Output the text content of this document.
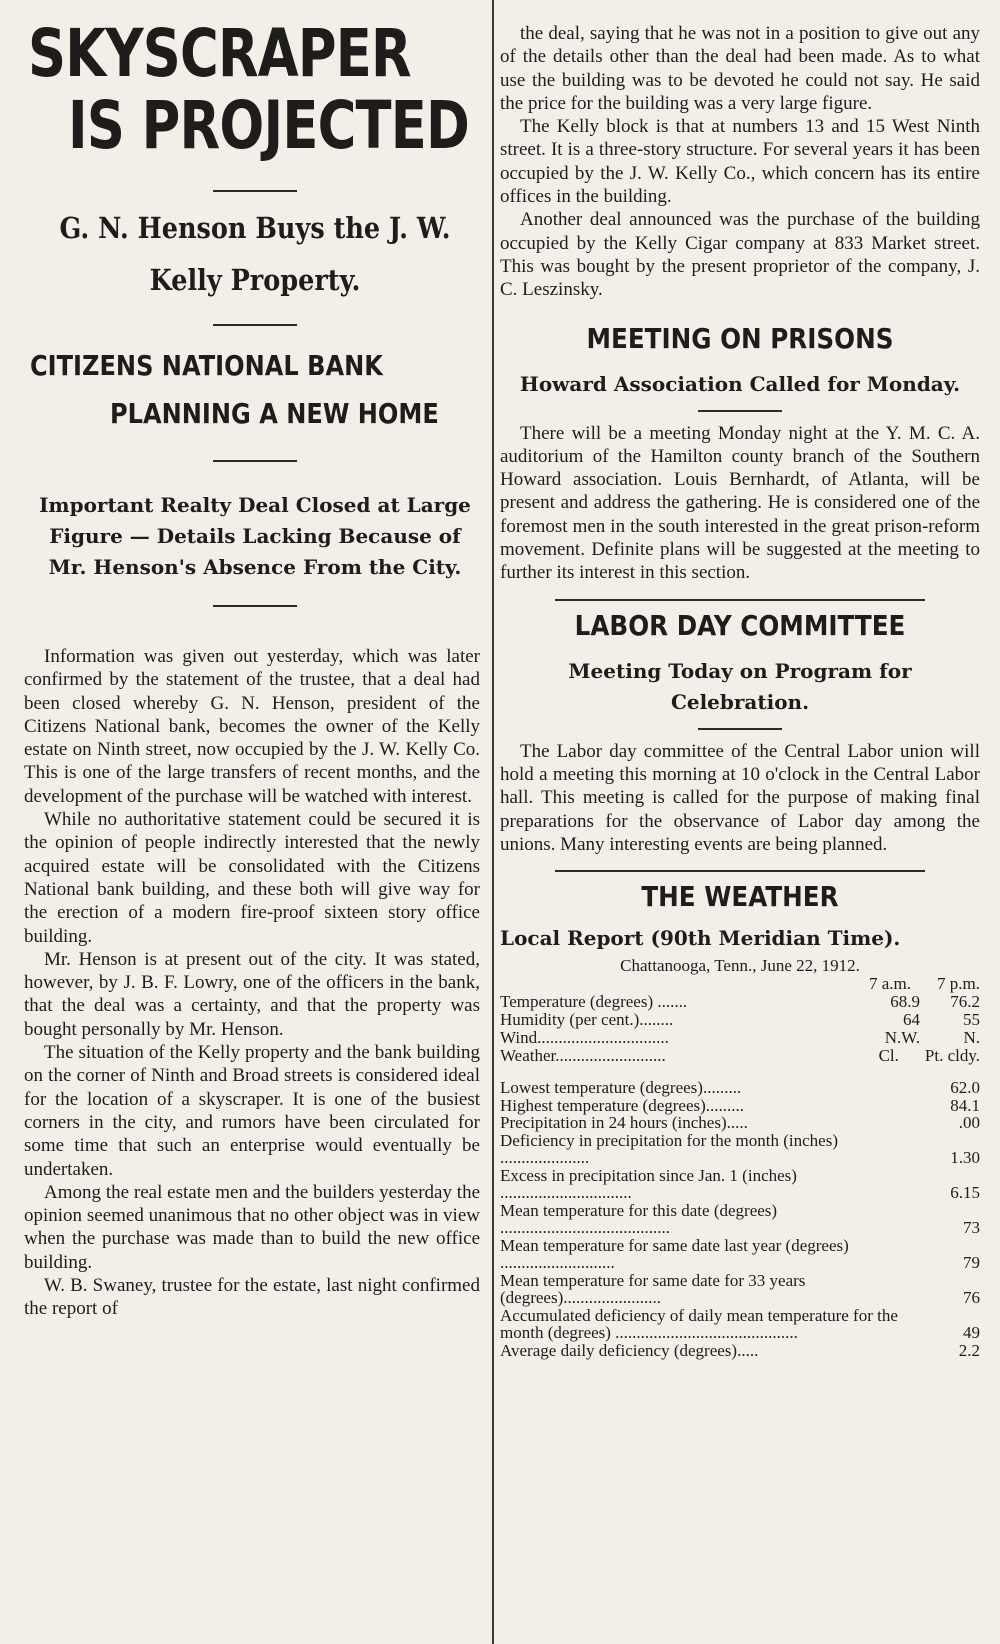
SKYSCRAPER
IS PROJECTED
G. N. Henson Buys the J. W.
Kelly Property.
CITIZENS NATIONAL BANK
PLANNING A NEW HOME
Important Realty Deal Closed at Large Figure — Details Lacking Because of Mr. Henson's Absence From the City.

Information was given out yesterday, which was later confirmed by the statement of the trustee, that a deal had been closed whereby G. N. Henson, president of the Citizens National bank, becomes the owner of the Kelly estate on Ninth street, now occupied by the J. W. Kelly Co. This is one of the large transfers of recent months, and the development of the purchase will be watched with interest.

While no authoritative statement could be secured it is the opinion of people indirectly interested that the newly acquired estate will be consolidated with the Citizens National bank building, and these both will give way for the erection of a modern fire-proof sixteen story office building.

Mr. Henson is at present out of the city. It was stated, however, by J. B. F. Lowry, one of the officers in the bank, that the deal was a certainty, and that the property was bought personally by Mr. Henson.

The situation of the Kelly property and the bank building on the corner of Ninth and Broad streets is considered ideal for the location of a skyscraper. It is one of the busiest corners in the city, and rumors have been circulated for some time that such an enterprise would eventually be undertaken.

Among the real estate men and the builders yesterday the opinion seemed unanimous that no other object was in view when the purchase was made than to build the new office building.

W. B. Swaney, trustee for the estate, last night confirmed the report of

the deal, saying that he was not in a position to give out any of the details other than the deal had been made. As to what use the building was to be devoted he could not say. He said the price for the building was a very large figure.

The Kelly block is that at numbers 13 and 15 West Ninth street. It is a three-story structure. For several years it has been occupied by the J. W. Kelly Co., which concern has its entire offices in the building.

Another deal announced was the purchase of the building occupied by the Kelly Cigar company at 833 Market street. This was bought by the present proprietor of the company, J. C. Leszinsky.

MEETING ON PRISONS
Howard Association Called for Monday.

There will be a meeting Monday night at the Y. M. C. A. auditorium of the Hamilton county branch of the Southern Howard association. Louis Bernhardt, of Atlanta, will be present and address the gathering. He is considered one of the foremost men in the south interested in the great prison-reform movement. Definite plans will be suggested at the meeting to further its interest in this section.

LABOR DAY COMMITTEE
Meeting Today on Program for Celebration.

The Labor day committee of the Central Labor union will hold a meeting this morning at 10 o'clock in the Central Labor hall. This meeting is called for the purpose of making final preparations for the observance of Labor day among the unions. Many interesting events are being planned.

THE WEATHER
Local Report (90th Meridian Time).
Chattanooga, Tenn., June 22, 1912.
7 a.m. 7 p.m.
Temperature (degrees) .......	68.9 76.2
Humidity (per cent.)........	64	55
Wind...............................	N.W.	N.
Weather..........................	Cl. Pt. cldy.
Lowest temperature (degrees).........	62.0
Highest temperature (degrees).........	84.1
Precipitation in 24 hours (inches).....	.00
Deficiency in precipitation for the month (inches) .....................	1.30
Excess in precipitation since Jan. 1 (inches) ...............................	6.15
Mean temperature for this date (degrees) ........................................	73
Mean temperature for same date last year (degrees) ...........................	79
Mean temperature for same date for 33 years (degrees).......................	76
Accumulated deficiency of daily mean temperature for the month (degrees) ...........................................	49
Average daily deficiency (degrees).....	2.2
